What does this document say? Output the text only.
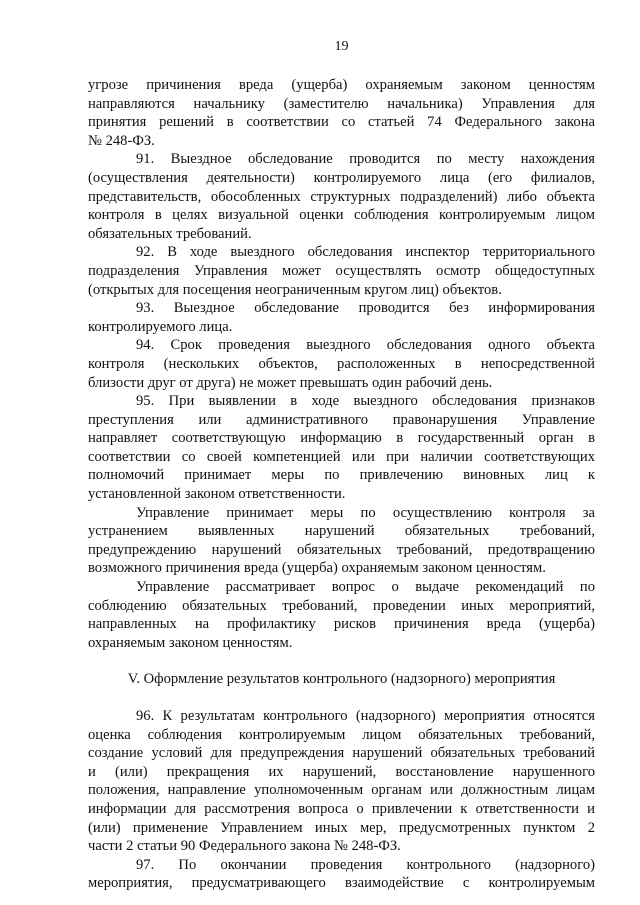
19
угрозе причинения вреда (ущерба) охраняемым законом ценностям
направляются начальнику (заместителю начальника) Управления для
принятия решений в соответствии со статьей 74 Федерального закона
№ 248-ФЗ.
91. Выездное обследование проводится по месту нахождения
(осуществления деятельности) контролируемого лица (его филиалов,
представительств, обособленных структурных подразделений) либо объекта
контроля в целях визуальной оценки соблюдения контролируемым лицом
обязательных требований.
92. В ходе выездного обследования инспектор территориального
подразделения Управления может осуществлять осмотр общедоступных
(открытых для посещения неограниченным кругом лиц) объектов.
93. Выездное обследование проводится без информирования
контролируемого лица.
94. Срок проведения выездного обследования одного объекта
контроля (нескольких объектов, расположенных в непосредственной
близости друг от друга) не может превышать один рабочий день.
95. При выявлении в ходе выездного обследования признаков
преступления или административного правонарушения Управление
направляет соответствующую информацию в государственный орган в
соответствии со своей компетенцией или при наличии соответствующих
полномочий принимает меры по привлечению виновных лиц к
установленной законом ответственности.
Управление принимает меры по осуществлению контроля за
устранением выявленных нарушений обязательных требований,
предупреждению нарушений обязательных требований, предотвращению
возможного причинения вреда (ущерба) охраняемым законом ценностям.
Управление рассматривает вопрос о выдаче рекомендаций по
соблюдению обязательных требований, проведении иных мероприятий,
направленных на профилактику рисков причинения вреда (ущерба)
охраняемым законом ценностям.
V. Оформление результатов контрольного (надзорного) мероприятия
96. К результатам контрольного (надзорного) мероприятия относятся
оценка соблюдения контролируемым лицом обязательных требований,
создание условий для предупреждения нарушений обязательных требований
и (или) прекращения их нарушений, восстановление нарушенного
положения, направление уполномоченным органам или должностным лицам
информации для рассмотрения вопроса о привлечении к ответственности и
(или) применение Управлением иных мер, предусмотренных пунктом 2
части 2 статьи 90 Федерального закона № 248-ФЗ.
97. По окончании проведения контрольного (надзорного)
мероприятия, предусматривающего взаимодействие с контролируемым
